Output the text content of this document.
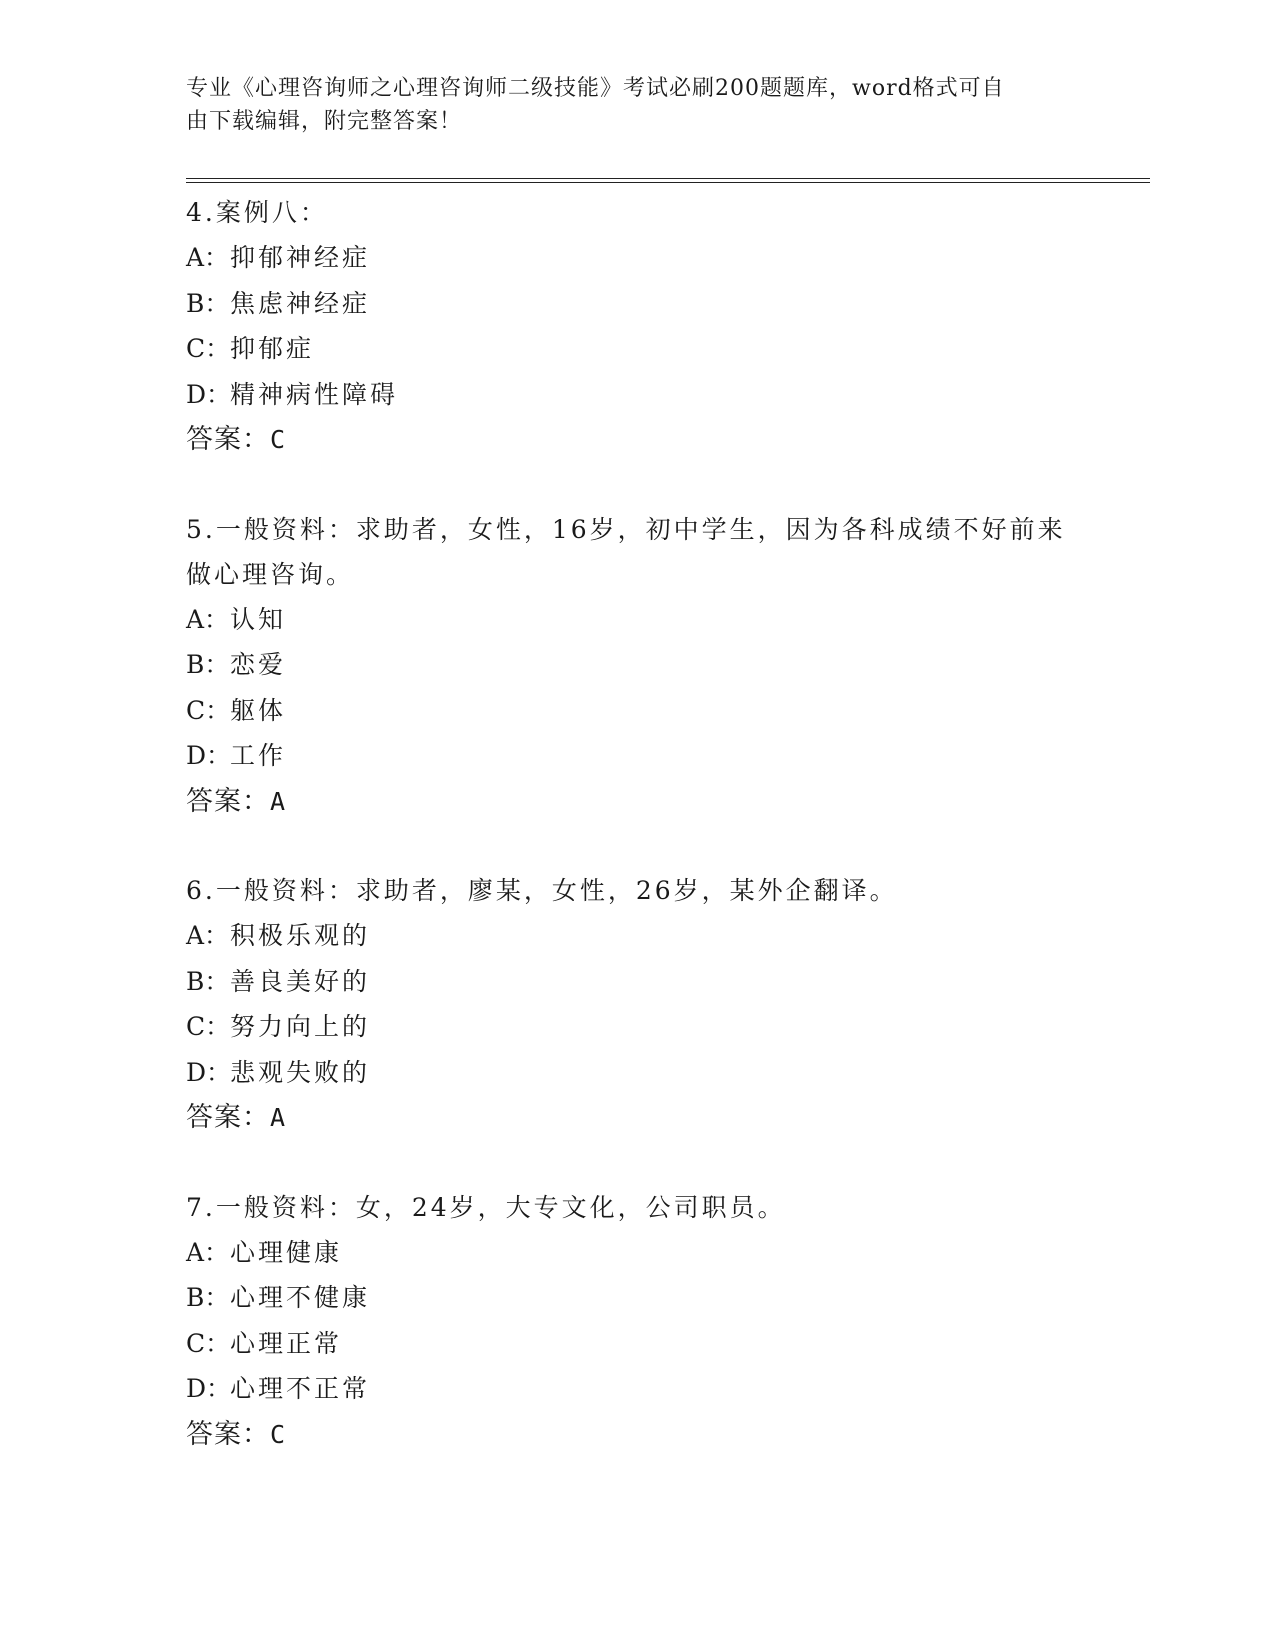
专业《心理咨询师之心理咨询师二级技能》考试必刷200题题库，word格式可自
由下载编辑，附完整答案！
4.案例八：
A：抑郁神经症
B：焦虑神经症
C：抑郁症
D：精神病性障碍
答案：C
5.一般资料：求助者，女性，16岁，初中学生，因为各科成绩不好前来做心理咨询。
A：认知
B：恋爱
C：躯体
D：工作
答案：A
6.一般资料：求助者，廖某，女性，26岁，某外企翻译。
A：积极乐观的
B：善良美好的
C：努力向上的
D：悲观失败的
答案：A
7.一般资料：女，24岁，大专文化，公司职员。
A：心理健康
B：心理不健康
C：心理正常
D：心理不正常
答案：C
